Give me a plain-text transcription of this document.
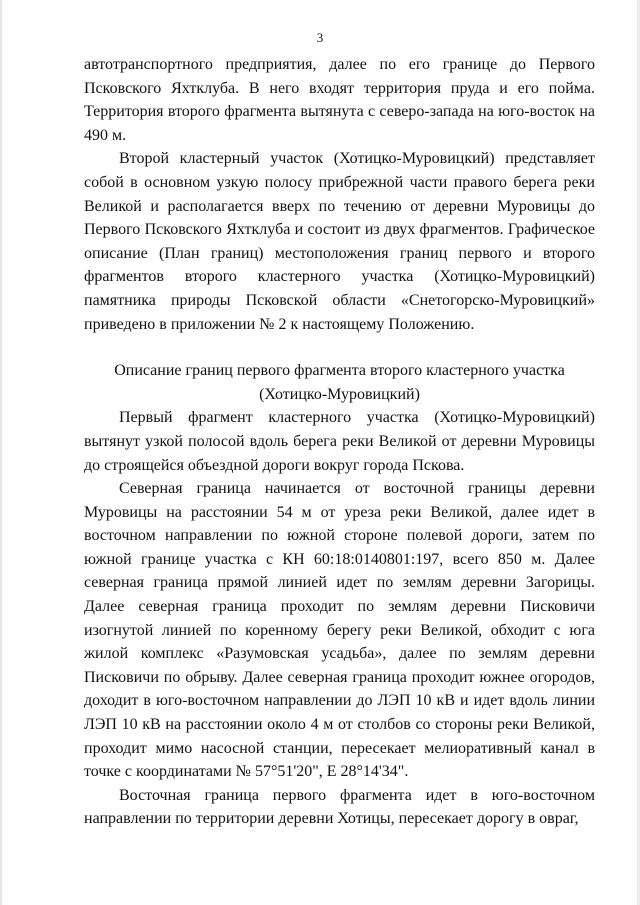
3

автотранспортного предприятия, далее по его границе до Первого Псковского Яхтклуба. В него входят территория пруда и его поймa. Территория второго фрагмента вытянута с северо-запада на юго-восток на 490 м.

Второй кластерный участок (Хотицко-Муровицкий) представляет собой в основном узкую полосу прибрежной части правого берега реки Великой и располагается вверх по течению от деревни Муровицы до Первого Псковского Яхтклуба и состоит из двух фрагментов. Графическое описание (План границ) местоположения границ первого и второго фрагментов второго кластерного участка (Хотицко-Муровицкий) памятника природы Псковской области «Снетогорско-Муровицкий» приведено в приложении № 2 к настоящему Положению.

Описание границ первого фрагмента второго кластерного участка
(Хотицко-Муровицкий)

Первый фрагмент кластерного участка (Хотицко-Муровицкий) вытянут узкой полосой вдоль берега реки Великой от деревни Муровицы до строящейся объездной дороги вокруг города Пскова.

Северная граница начинается от восточной границы деревни Муровицы на расстоянии 54 м от уреза реки Великой, далее идет в восточном направлении по южной стороне полевой дороги, затем по южной границе участка с КН 60:18:0140801:197, всего 850 м. Далее северная граница прямой линией идет по землям деревни Загорицы. Далее северная граница проходит по землям деревни Писковичи изогнутой линией по коренному берегу реки Великой, обходит с юга жилой комплекс «Разумовская усадьба», далее по землям деревни Писковичи по обрыву. Далее северная граница проходит южнее огородов, доходит в юго-восточном направлении до ЛЭП 10 кВ и идет вдоль линии ЛЭП 10 кВ на расстоянии около 4 м от столбов со стороны реки Великой, проходит мимо насосной станции, пересекает мелиоративный канал в точке с координатами № 57°51'20", Е 28°14'34".

Восточная граница первого фрагмента идет в юго-восточном направлении по территории деревни Хотицы, пересекает дорогу в овраг,
